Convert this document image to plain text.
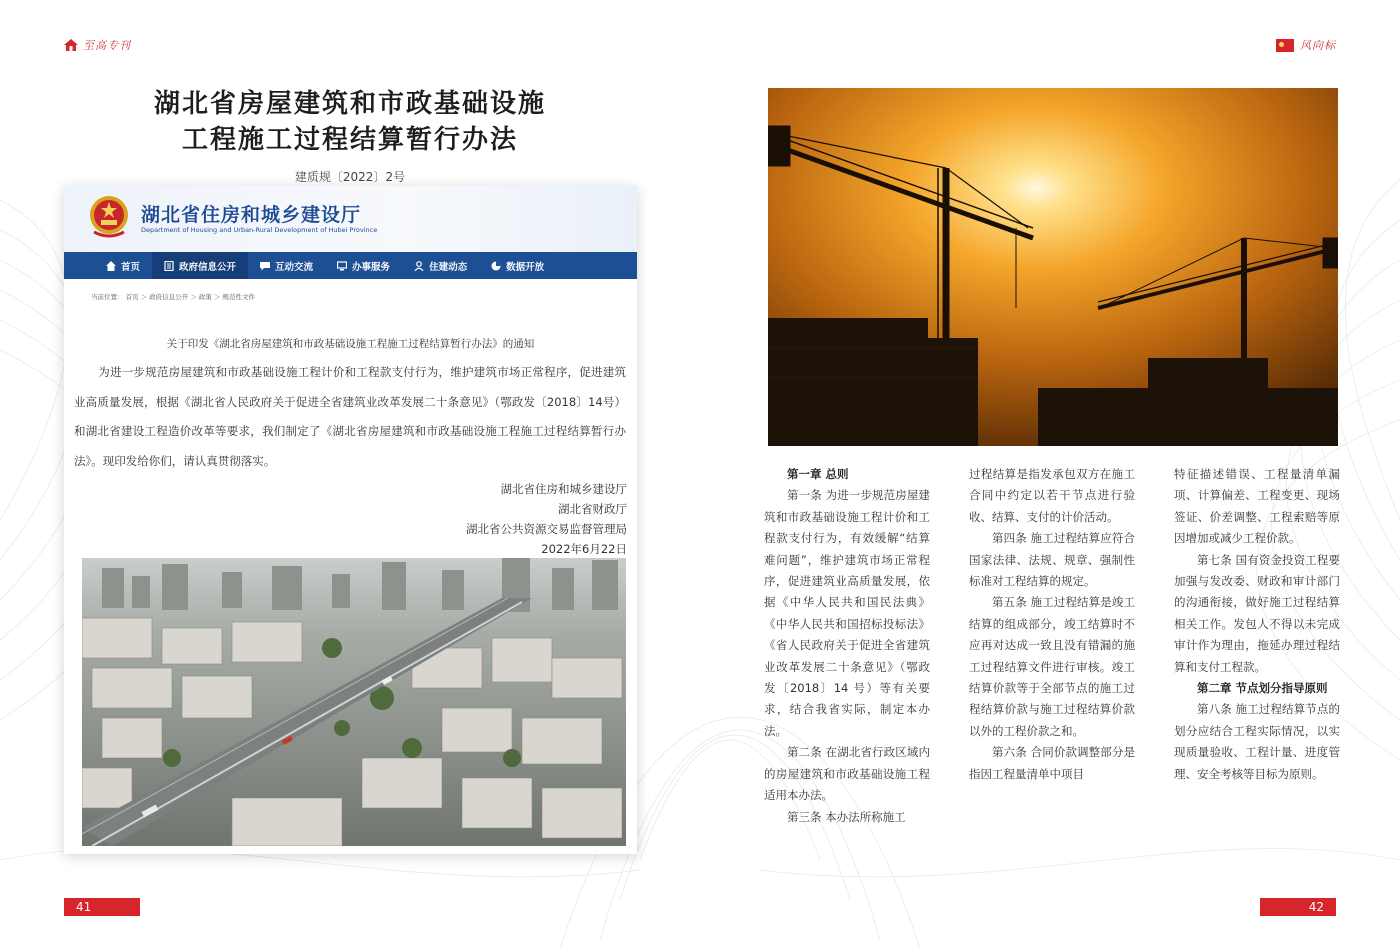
至高专刊
湖北省房屋建筑和市政基础设施
工程施工过程结算暂行办法
建质规〔2022〕2号
湖北省住房和城乡建设厅
Department of Housing and Urban-Rural Development of Hubei Province
首页	政府信息公开	互动交流	办事服务	住建动态	数据开放
当前位置： 首页 ＞ 政府信息公开 ＞ 政策 ＞ 规范性文件
关于印发《湖北省房屋建筑和市政基础设施工程施工过程结算暂行办法》的通知
为进一步规范房屋建筑和市政基础设施工程计价和工程款支付行为，维护建筑市场正常程序，促进建筑业高质量发展，根据《湖北省人民政府关于促进全省建筑业改革发展二十条意见》（鄂政发〔2018〕14号）和湖北省建设工程造价改革等要求，我们制定了《湖北省房屋建筑和市政基础设施工程施工过程结算暂行办法》。现印发给你们，请认真贯彻落实。
湖北省住房和城乡建设厅
湖北省财政厅
湖北省公共资源交易监督管理局
2022年6月22日
41
风向标

第一章 总则

第一条 为进一步规范房屋建筑和市政基础设施工程计价和工程款支付行为，有效缓解“结算难问题”，维护建筑市场正常程序，促进建筑业高质量发展，依据《中华人民共和国民法典》《中华人民共和国招标投标法》《省人民政府关于促进全省建筑业改革发展二十条意见》（鄂政发〔2018〕14 号）等有关要求，结合我省实际，制定本办法。

第二条 在湖北省行政区域内的房屋建筑和市政基础设施工程适用本办法。

第三条 本办法所称施工

过程结算是指发承包双方在施工合同中约定以若干节点进行验收、结算、支付的计价活动。

第四条 施工过程结算应符合国家法律、法规、规章、强制性标准对工程结算的规定。

第五条 施工过程结算是竣工结算的组成部分，竣工结算时不应再对达成一致且没有错漏的施工过程结算文件进行审核。竣工结算价款等于全部节点的施工过程结算价款与施工过程结算价款以外的工程价款之和。

第六条 合同价款调整部分是指因工程量清单中项目

特征描述错误、工程量清单漏项、计算偏差、工程变更、现场签证、价差调整、工程索赔等原因增加或减少工程价款。

第七条 国有资金投资工程要加强与发改委、财政和审计部门的沟通衔接，做好施工过程结算相关工作。发包人不得以未完成审计作为理由，拖延办理过程结算和支付工程款。

第二章 节点划分指导原则

第八条 施工过程结算节点的划分应结合工程实际情况，以实现质量验收、工程计量、进度管理、安全考核等目标为原则。

42
